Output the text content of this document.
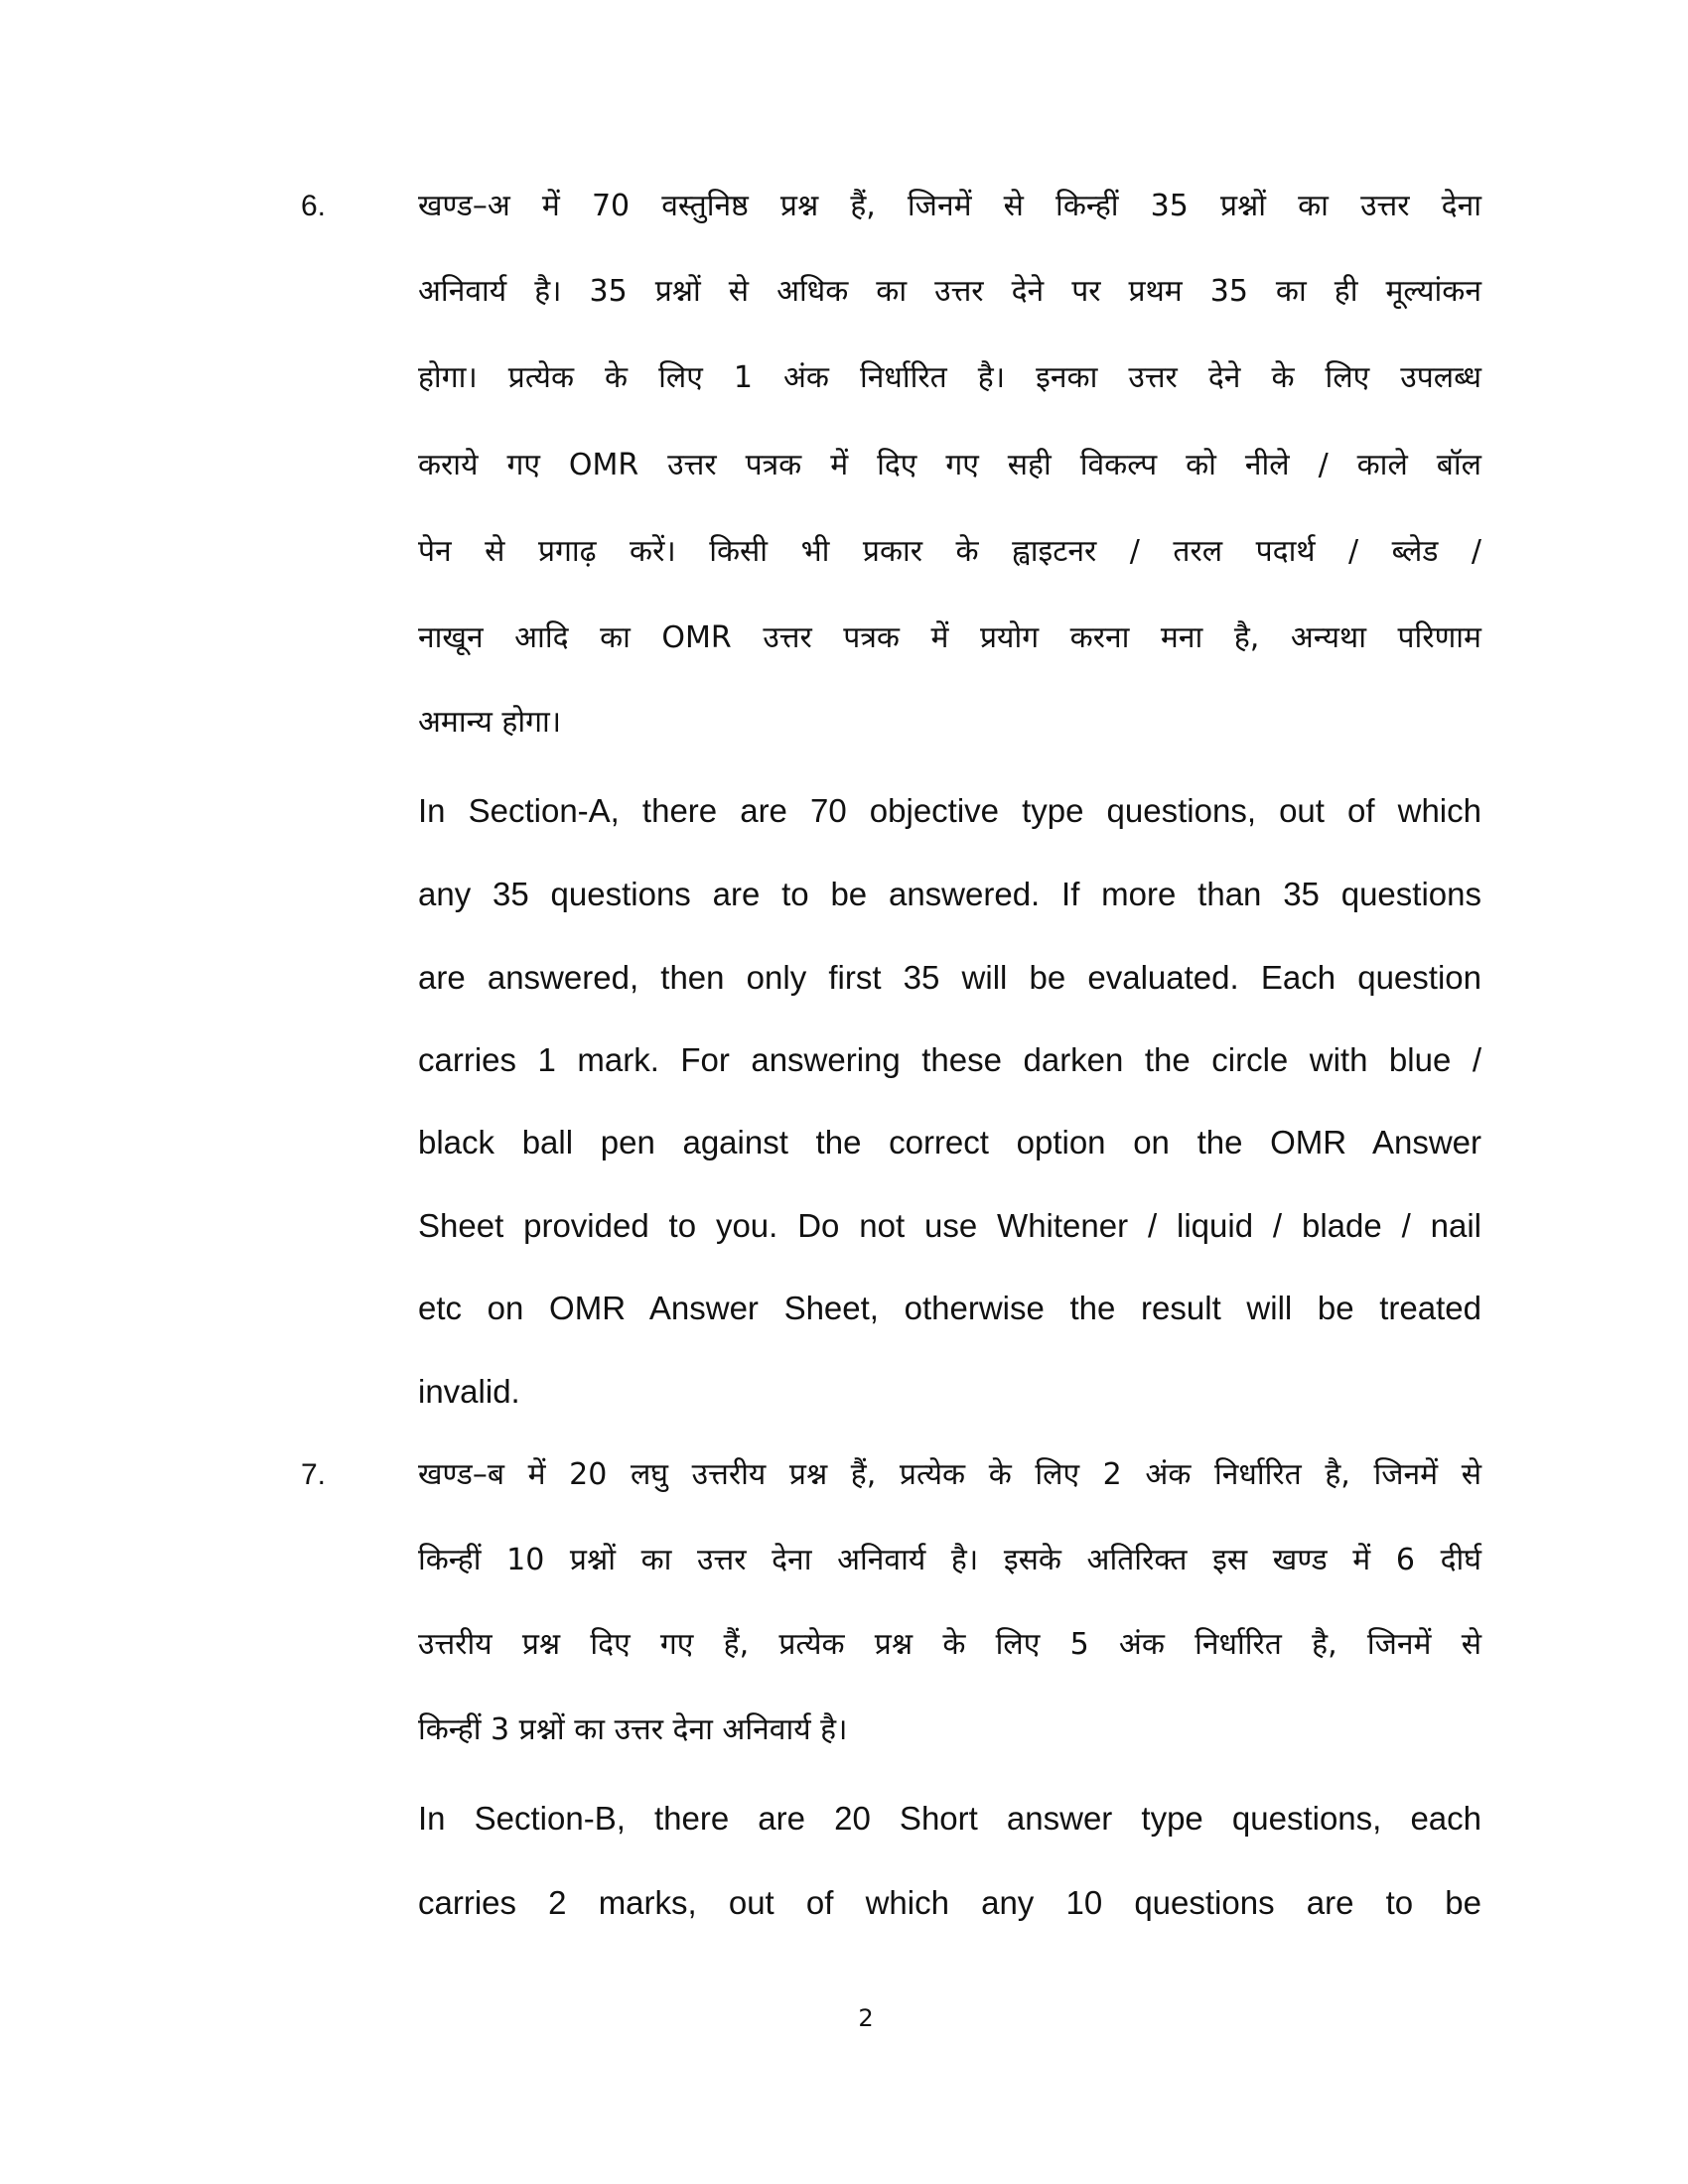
6.	खण्ड–अ में 70 वस्तुनिष्ठ प्रश्न हैं, जिनमें से किन्हीं 35 प्रश्नों का उत्तर देना
अनिवार्य है। 35 प्रश्नों से अधिक का उत्तर देने पर प्रथम 35 का ही मूल्यांकन
होगा। प्रत्येक के लिए 1 अंक निर्धारित है। इनका उत्तर देने के लिए उपलब्ध
कराये गए OMR उत्तर पत्रक में दिए गए सही विकल्प को नीले / काले बॉल
पेन से प्रगाढ़ करें। किसी भी प्रकार के ह्वाइटनर / तरल पदार्थ / ब्लेड /
नाखून आदि का OMR उत्तर पत्रक में प्रयोग करना मना है, अन्यथा परिणाम
अमान्य होगा।
In Section-A, there are 70 objective type questions, out of which
any 35 questions are to be answered. If more than 35 questions
are answered, then only first 35 will be evaluated. Each question
carries 1 mark. For answering these darken the circle with blue /
black ball pen against the correct option on the OMR Answer
Sheet provided to you. Do not use Whitener / liquid / blade / nail
etc on OMR Answer Sheet, otherwise the result will be treated
invalid.
7.	खण्ड–ब में 20 लघु उत्तरीय प्रश्न हैं, प्रत्येक के लिए 2 अंक निर्धारित है, जिनमें से
किन्हीं 10 प्रश्नों का उत्तर देना अनिवार्य है। इसके अतिरिक्त इस खण्ड में 6 दीर्घ
उत्तरीय प्रश्न दिए गए हैं, प्रत्येक प्रश्न के लिए 5 अंक निर्धारित है, जिनमें से
किन्हीं 3 प्रश्नों का उत्तर देना अनिवार्य है।
In Section-B, there are 20 Short answer type questions, each
carries 2 marks, out of which any 10 questions are to be
2
